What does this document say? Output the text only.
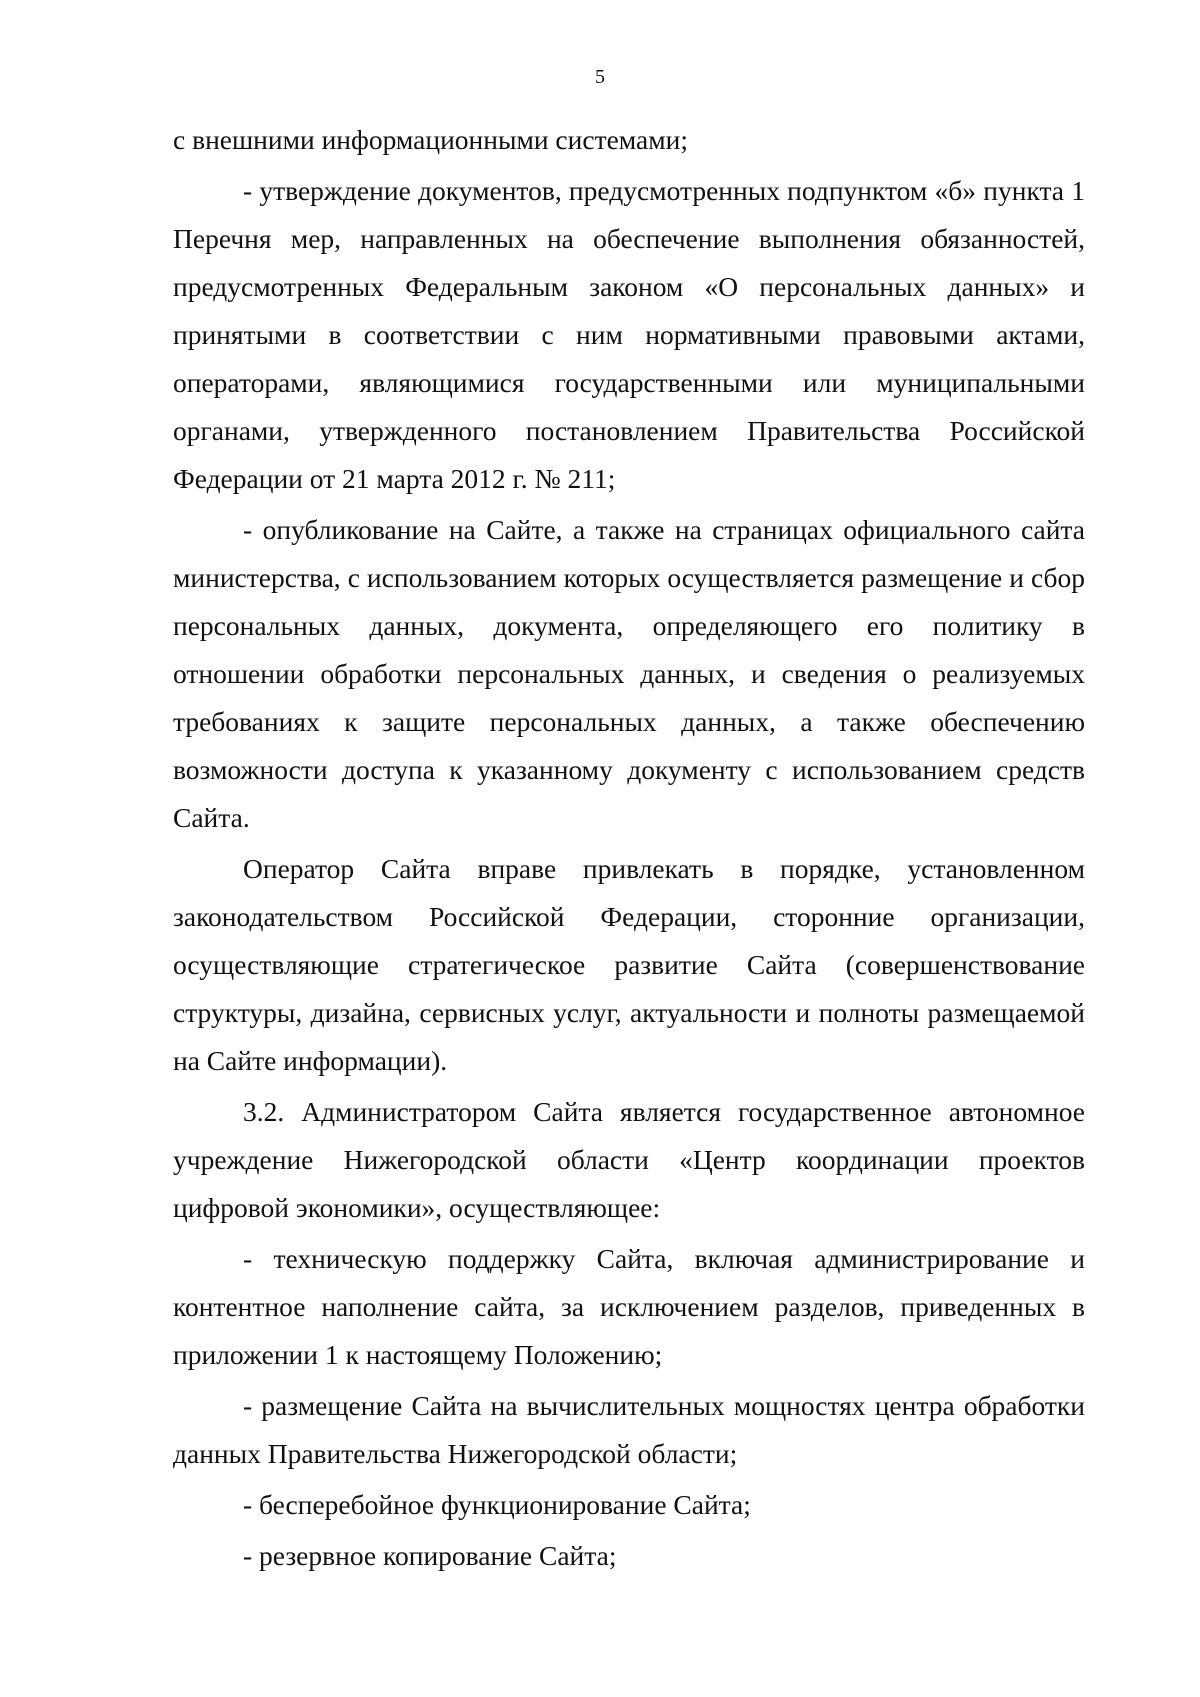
5

с внешними информационными системами;

- утверждение документов, предусмотренных подпунктом «б» пункта 1 Перечня мер, направленных на обеспечение выполнения обязанностей, предусмотренных Федеральным законом «О персональных данных» и принятыми в соответствии с ним нормативными правовыми актами, операторами, являющимися государственными или муниципальными органами, утвержденного постановлением Правительства Российской Федерации от 21 марта 2012 г. № 211;

- опубликование на Сайте, а также на страницах официального сайта министерства, с использованием которых осуществляется размещение и сбор персональных данных, документа, определяющего его политику в отношении обработки персональных данных, и сведения о реализуемых требованиях к защите персональных данных, а также обеспечению возможности доступа к указанному документу с использованием средств Сайта.

Оператор Сайта вправе привлекать в порядке, установленном законодательством Российской Федерации, сторонние организации, осуществляющие стратегическое развитие Сайта (совершенствование структуры, дизайна, сервисных услуг, актуальности и полноты размещаемой на Сайте информации).

3.2. Администратором Сайта является государственное автономное учреждение Нижегородской области «Центр координации проектов цифровой экономики», осуществляющее:

- техническую поддержку Сайта, включая администрирование и контентное наполнение сайта, за исключением разделов, приведенных в приложении 1 к настоящему Положению;

- размещение Сайта на вычислительных мощностях центра обработки данных Правительства Нижегородской области;

- бесперебойное функционирование Сайта;

- резервное копирование Сайта;
